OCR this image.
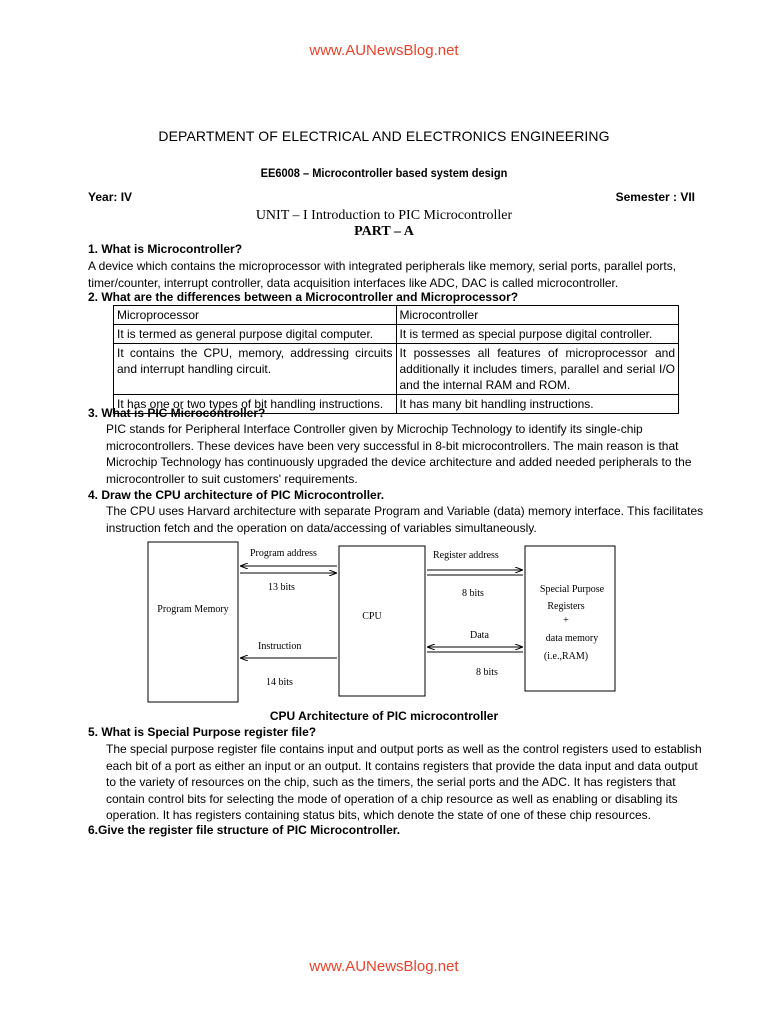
www.AUNewsBlog.net
DEPARTMENT OF ELECTRICAL AND ELECTRONICS ENGINEERING
EE6008 – Microcontroller based system design
Year: IV	Semester : VII
UNIT – I Introduction to PIC Microcontroller
PART – A
1. What is Microcontroller?
A device which contains the microprocessor with integrated peripherals like memory, serial ports, parallel ports,
timer/counter, interrupt controller, data acquisition interfaces like ADC, DAC is called microcontroller.
2. What are the differences between a Microcontroller and Microprocessor?
Microprocessor	Microcontroller
It is termed as general purpose digital computer.	It is termed as special purpose digital controller.
It contains the CPU, memory, addressing circuits and interrupt handling circuit.	It possesses all features of microprocessor and additionally it includes timers, parallel and serial I/O and the internal RAM and ROM.
It has one or two types of bit handling instructions.	It has many bit handling instructions.
3. What is PIC Microcontroller?
PIC stands for Peripheral Interface Controller given by Microchip Technology to identify its single-chip
microcontrollers. These devices have been very successful in 8-bit microcontrollers. The main reason is that
Microchip Technology has continuously upgraded the device architecture and added needed peripherals to the
microcontroller to suit customers' requirements.
4. Draw the CPU architecture of PIC Microcontroller.
The CPU uses Harvard architecture with separate Program and Variable (data) memory interface. This facilitates
instruction fetch and the operation on data/accessing of variables simultaneously.
Program Memory
CPU
Special Purpose
Registers
+
data memory
(i.e.,RAM)
Program address
13 bits
Instruction
14 bits
Register address
8 bits
Data
8 bits
CPU Architecture of PIC microcontroller
5. What is Special Purpose register file?
The special purpose register file contains input and output ports as well as the control registers used to establish
each bit of a port as either an input or an output. It contains registers that provide the data input and data output
to the variety of resources on the chip, such as the timers, the serial ports and the ADC. It has registers that
contain control bits for selecting the mode of operation of a chip resource as well as enabling or disabling its
operation. It has registers containing status bits, which denote the state of one of these chip resources.
6.Give the register file structure of PIC Microcontroller.
www.AUNewsBlog.net
